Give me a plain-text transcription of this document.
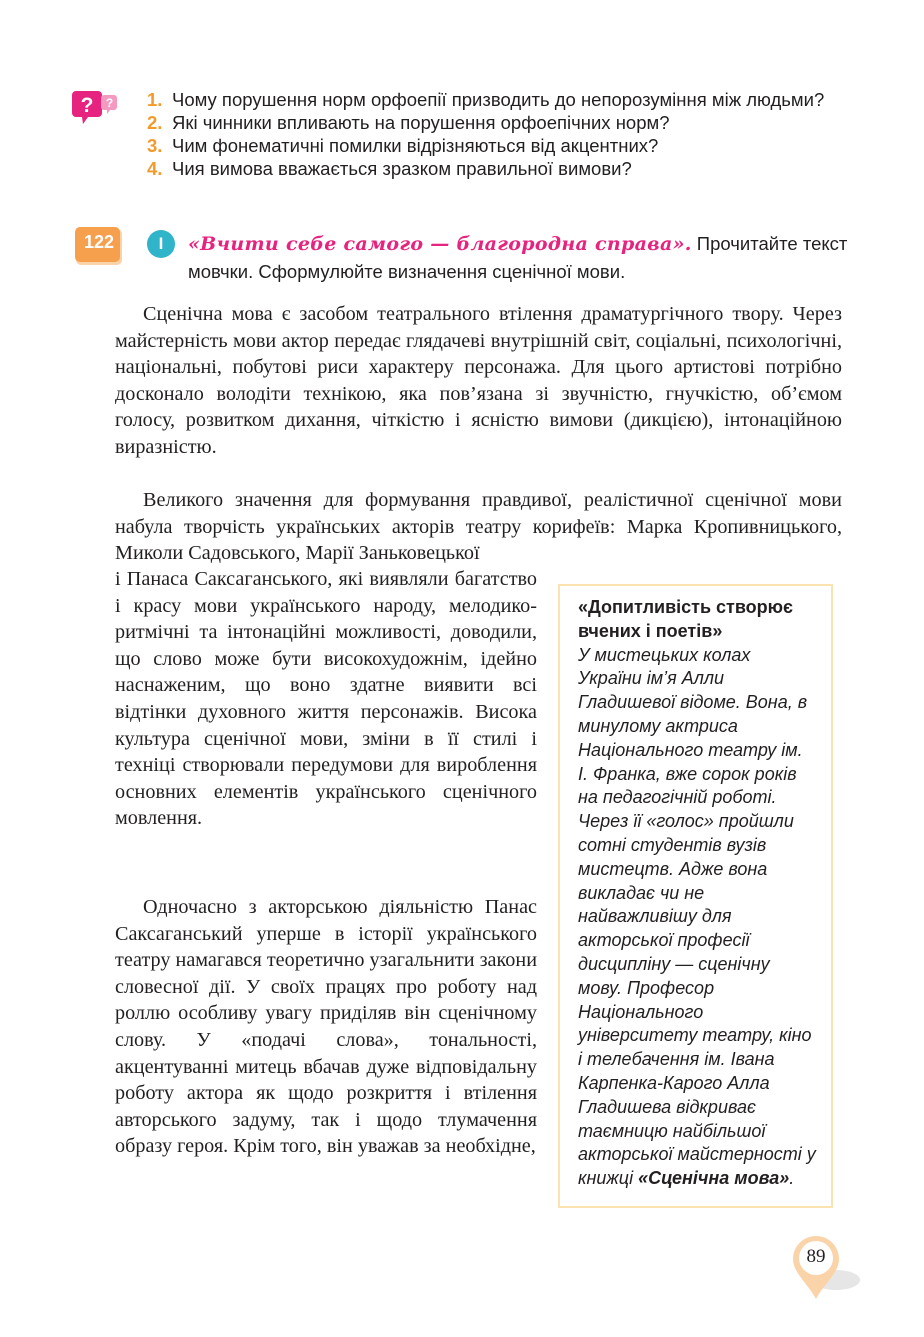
? ? 1. Чому порушення норм орфоепії призводить до непорозуміння між людьми?
2. Які чинники впливають на порушення орфоепічних норм?
3. Чим фонематичні помилки відрізняються від акцентних?
4. Чия вимова вважається зразком правильної вимови?
122	І	«Вчити себе самого — благородна справа». Прочитайте текст мовчки. Сформулюйте визначення сценічної мови.

Сценічна мова є засобом театрального втілення драматургічного твору. Через майстерність мови актор передає глядачеві внутрішній світ, соціальні, психологічні, національні, побутові риси характеру персонажа. Для цього артистові потрібно досконало володіти технікою, яка пов’язана зі звучністю, гнучкістю, об’ємом голосу, розвитком дихання, чіткістю і ясністю вимови (дикцією), інтонаційною виразністю.

Великого значення для формування правдивої, реалістичної сценічної мови набула творчість українських акторів театру корифеїв: Марка Кропивницького, Миколи Садовського, Марії Заньковецької

і Панаса Саксаганського, які виявляли багатство і красу мови українського народу, мелодико-ритмічні та інтонаційні можливості, доводили, що слово може бути високохудожнім, ідейно наснаженим, що воно здатне виявити всі відтінки духовного життя персонажів. Висока культура сценічної мови, зміни в її стилі і техніці створювали передумови для вироблення основних елементів українського сценічного мовлення.

Одночасно з акторською діяльністю Панас Саксаганський уперше в історії українського театру намагався теоретично узагальнити закони словесної дії. У своїх працях про роботу над роллю особливу увагу приділяв він сценічному слову. У «подачі слова», тональності, акцентуванні митець вбачав дуже відповідальну роботу актора як щодо розкриття і втілення авторського задуму, так і щодо тлумачення образу героя. Крім того, він уважав за необхідне,

«Допитливість створює вчених і поетів»

У мистецьких колах України ім’я Алли Гладишевої відоме. Вона, в минулому актриса Національного театру ім. І. Франка, вже сорок років на педагогічній роботі. Через її «голос» пройшли сотні студентів вузів мистецтв. Адже вона викладає чи не найважливішу для акторської професії дисципліну — сценічну мову. Професор Національного університету театру, кіно і телебачення ім. Івана Карпенка-Карого Алла Гладишева відкриває таємницю найбільшої акторської майстерності у книжці «Сценічна мова».

89
